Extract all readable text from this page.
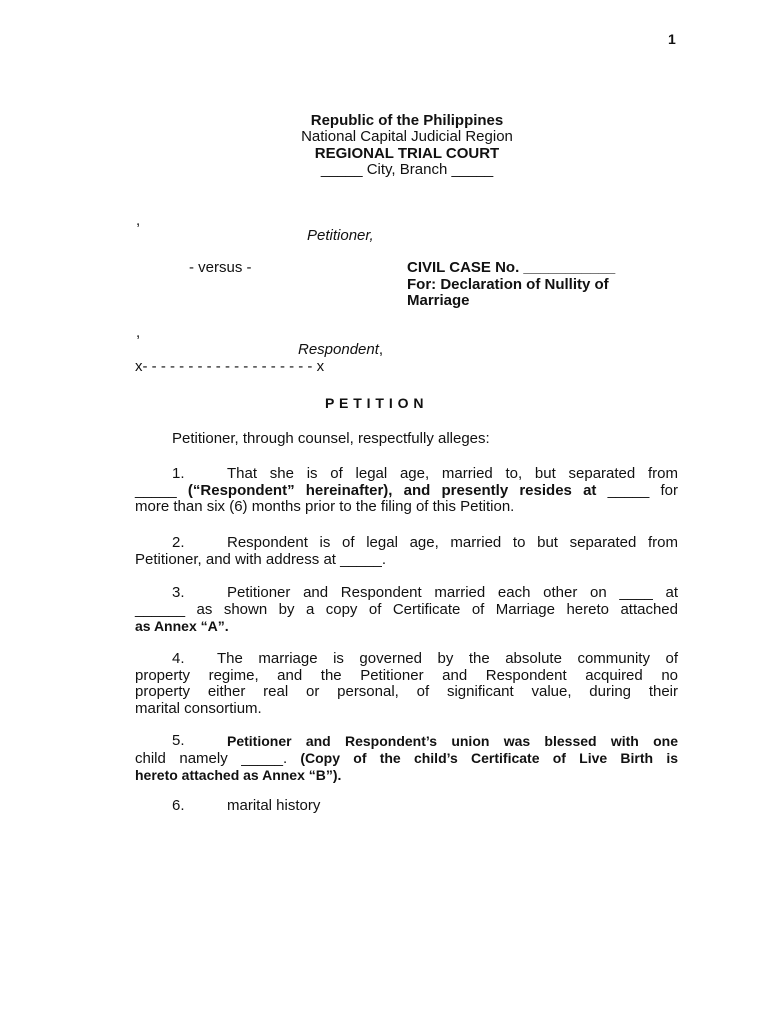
1
Republic of the Philippines
National Capital Judicial Region
REGIONAL TRIAL COURT
_____ City, Branch _____
,
Petitioner,
- versus -	CIVIL CASE No. ___________
For: Declaration of Nullity of
Marriage
,
Respondent,
x- - - - - - - - - - - - - - - - - - - x
P E T I T I O N
Petitioner, through counsel, respectfully alleges:
1.	That she is of legal age, married to, but separated from
_____ (“Respondent” hereinafter), and presently resides at _____ for
more than six (6) months prior to the filing of this Petition.
2.	Respondent is of legal age, married to but separated from
Petitioner, and with address at _____.
3.	Petitioner and Respondent married each other on ____ at
______ as shown by a copy of Certificate of Marriage hereto attached
as Annex “A”.
4.	The marriage is governed by the absolute community of
property regime, and the Petitioner and Respondent acquired no
property either real or personal, of significant value, during their
marital consortium.
5.	Petitioner and Respondent’s union was blessed with one
child namely _____. (Copy of the child’s Certificate of Live Birth is
hereto attached as Annex “B”).
6.	marital history
